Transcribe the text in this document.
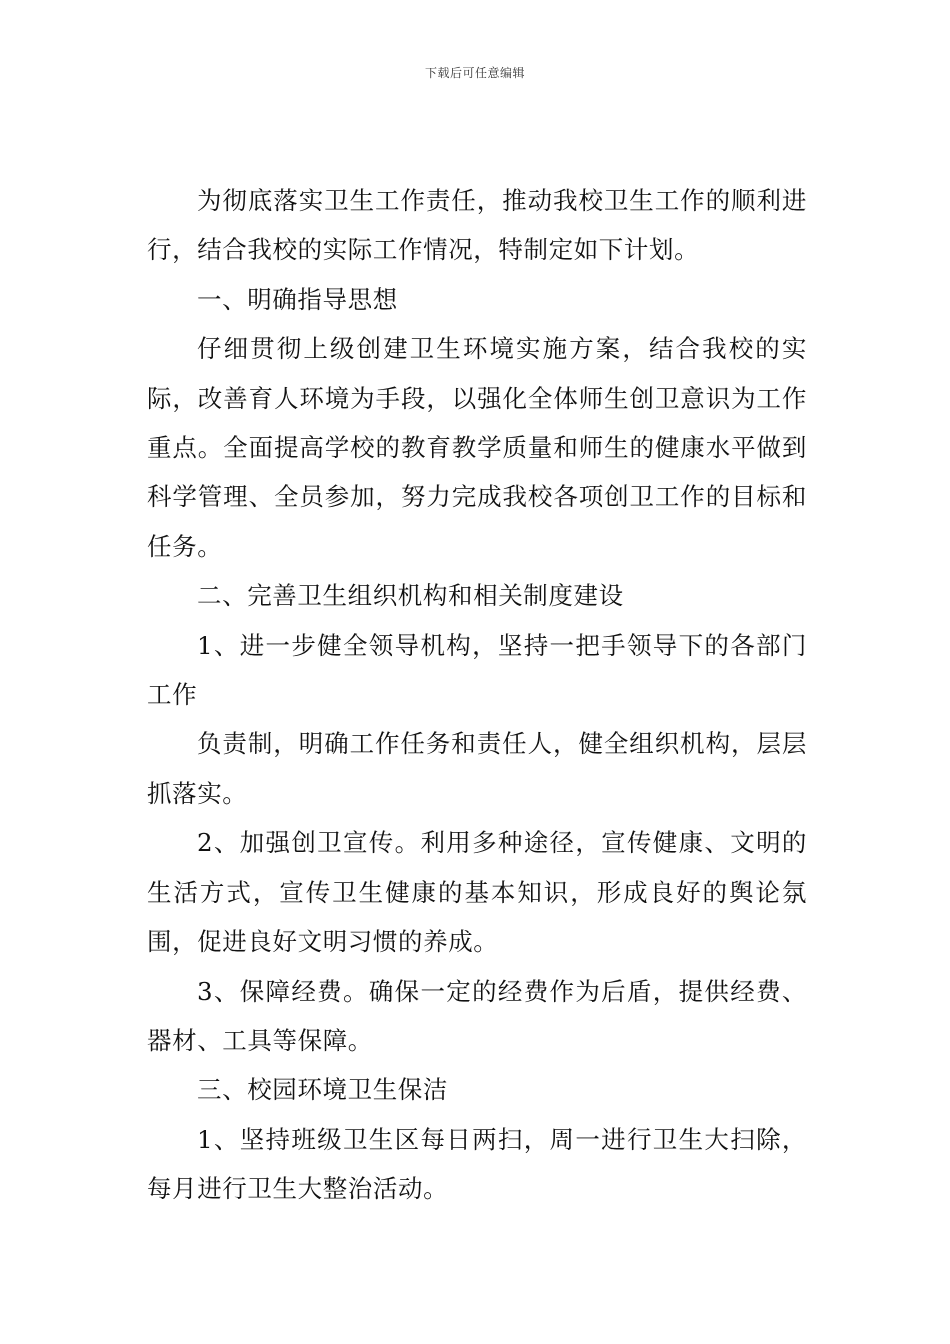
下载后可任意编辑

为彻底落实卫生工作责任，推动我校卫生工作的顺利进行，结合我校的实际工作情况，特制定如下计划。

一、明确指导思想

仔细贯彻上级创建卫生环境实施方案，结合我校的实际，改善育人环境为手段，以强化全体师生创卫意识为工作重点。全面提高学校的教育教学质量和师生的健康水平做到科学管理、全员参加，努力完成我校各项创卫工作的目标和任务。

二、完善卫生组织机构和相关制度建设

1、进一步健全领导机构，坚持一把手领导下的各部门工作

负责制，明确工作任务和责任人，健全组织机构，层层抓落实。

2、加强创卫宣传。利用多种途径，宣传健康、文明的生活方式，宣传卫生健康的基本知识，形成良好的舆论氛围，促进良好文明习惯的养成。

3、保障经费。确保一定的经费作为后盾，提供经费、器材、工具等保障。

三、校园环境卫生保洁

1、坚持班级卫生区每日两扫，周一进行卫生大扫除，每月进行卫生大整治活动。
